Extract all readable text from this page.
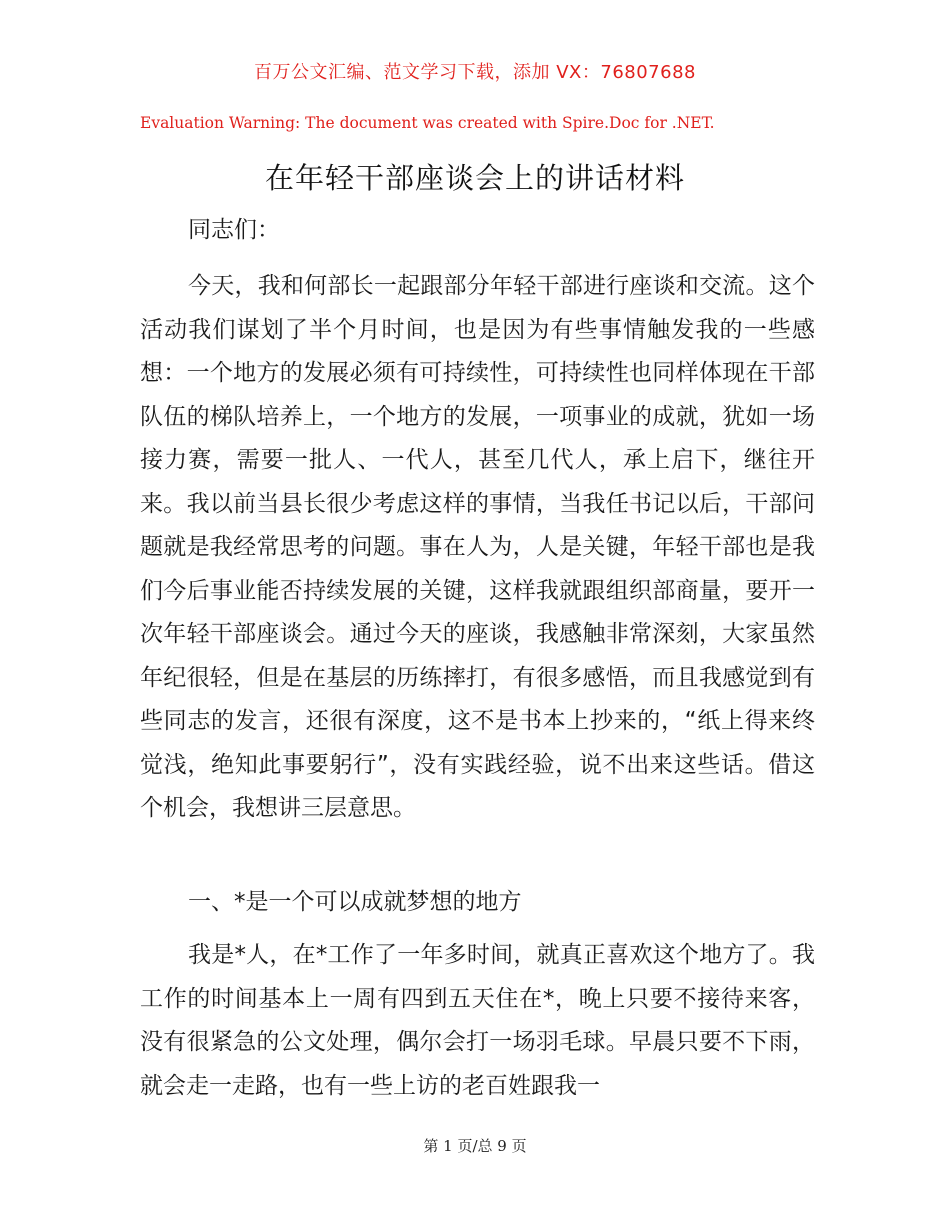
百万公文汇编、范文学习下载，添加 VX：76807688
Evaluation Warning: The document was created with Spire.Doc for .NET.
在年轻干部座谈会上的讲话材料

同志们：

今天，我和何部长一起跟部分年轻干部进行座谈和交流。这个活动我们谋划了半个月时间，也是因为有些事情触发我的一些感想：一个地方的发展必须有可持续性，可持续性也同样体现在干部队伍的梯队培养上，一个地方的发展，一项事业的成就，犹如一场接力赛，需要一批人、一代人，甚至几代人，承上启下，继往开来。我以前当县长很少考虑这样的事情，当我任书记以后，干部问题就是我经常思考的问题。事在人为，人是关键，年轻干部也是我们今后事业能否持续发展的关键，这样我就跟组织部商量，要开一次年轻干部座谈会。通过今天的座谈，我感触非常深刻，大家虽然年纪很轻，但是在基层的历练摔打，有很多感悟，而且我感觉到有些同志的发言，还很有深度，这不是书本上抄来的，“纸上得来终觉浅，绝知此事要躬行”，没有实践经验，说不出来这些话。借这个机会，我想讲三层意思。

一、*是一个可以成就梦想的地方

我是*人，在*工作了一年多时间，就真正喜欢这个地方了。我工作的时间基本上一周有四到五天住在*，晚上只要不接待来客，没有很紧急的公文处理，偶尔会打一场羽毛球。早晨只要不下雨，就会走一走路，也有一些上访的老百姓跟我一

第 1 页/总 9 页
